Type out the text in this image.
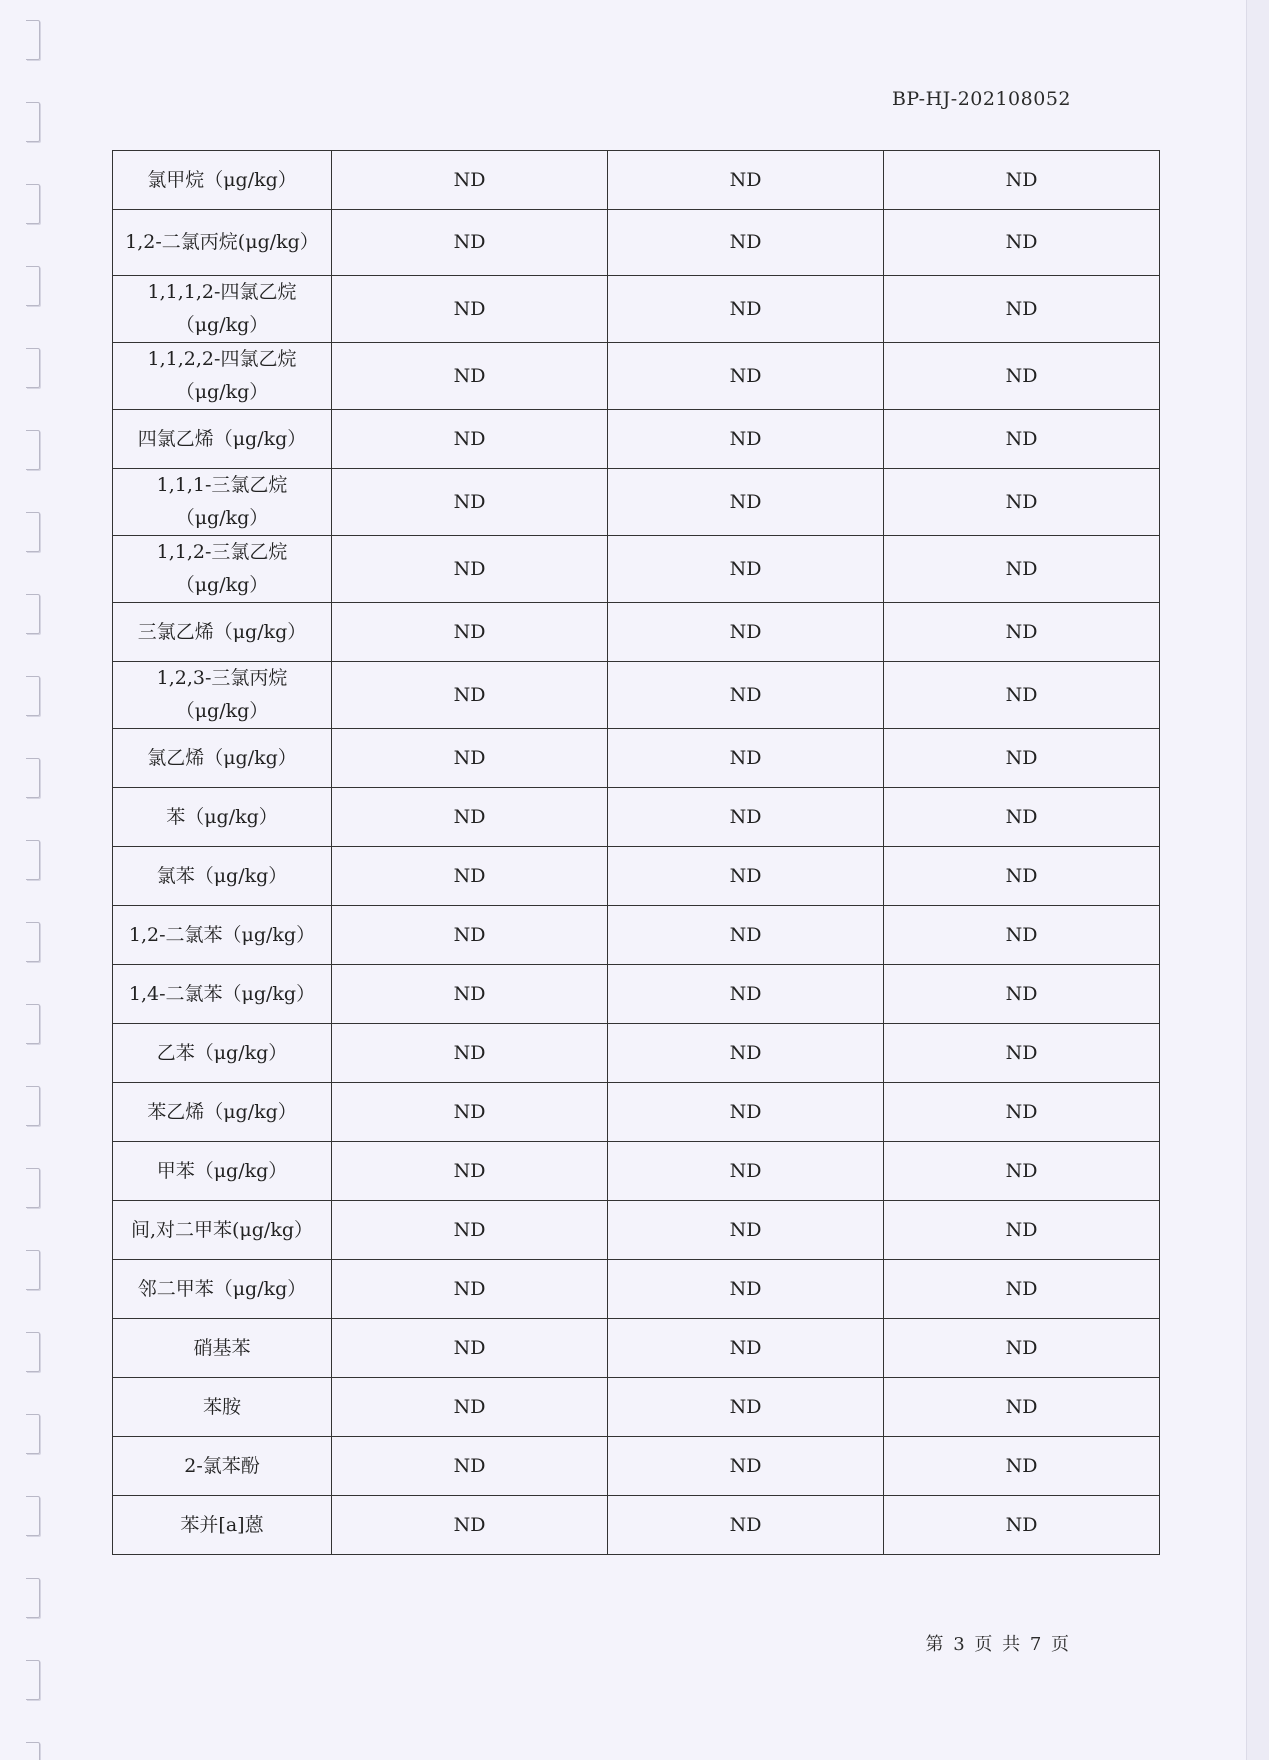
BP-HJ-202108052
氯甲烷（μg/kg）	ND	ND	ND
1,2-二氯丙烷(μg/kg）	ND	ND	ND
1,1,1,2-四氯乙烷（μg/kg）	ND	ND	ND
1,1,2,2-四氯乙烷（μg/kg）	ND	ND	ND
四氯乙烯（μg/kg）	ND	ND	ND
1,1,1-三氯乙烷（μg/kg）	ND	ND	ND
1,1,2-三氯乙烷（μg/kg）	ND	ND	ND
三氯乙烯（μg/kg）	ND	ND	ND
1,2,3-三氯丙烷（μg/kg）	ND	ND	ND
氯乙烯（μg/kg）	ND	ND	ND
苯（μg/kg）	ND	ND	ND
氯苯（μg/kg）	ND	ND	ND
1,2-二氯苯（μg/kg）	ND	ND	ND
1,4-二氯苯（μg/kg）	ND	ND	ND
乙苯（μg/kg）	ND	ND	ND
苯乙烯（μg/kg）	ND	ND	ND
甲苯（μg/kg）	ND	ND	ND
间,对二甲苯(μg/kg）	ND	ND	ND
邻二甲苯（μg/kg）	ND	ND	ND
硝基苯	ND	ND	ND
苯胺	ND	ND	ND
2-氯苯酚	ND	ND	ND
苯并[a]蒽	ND	ND	ND
第 3 页 共 7 页
